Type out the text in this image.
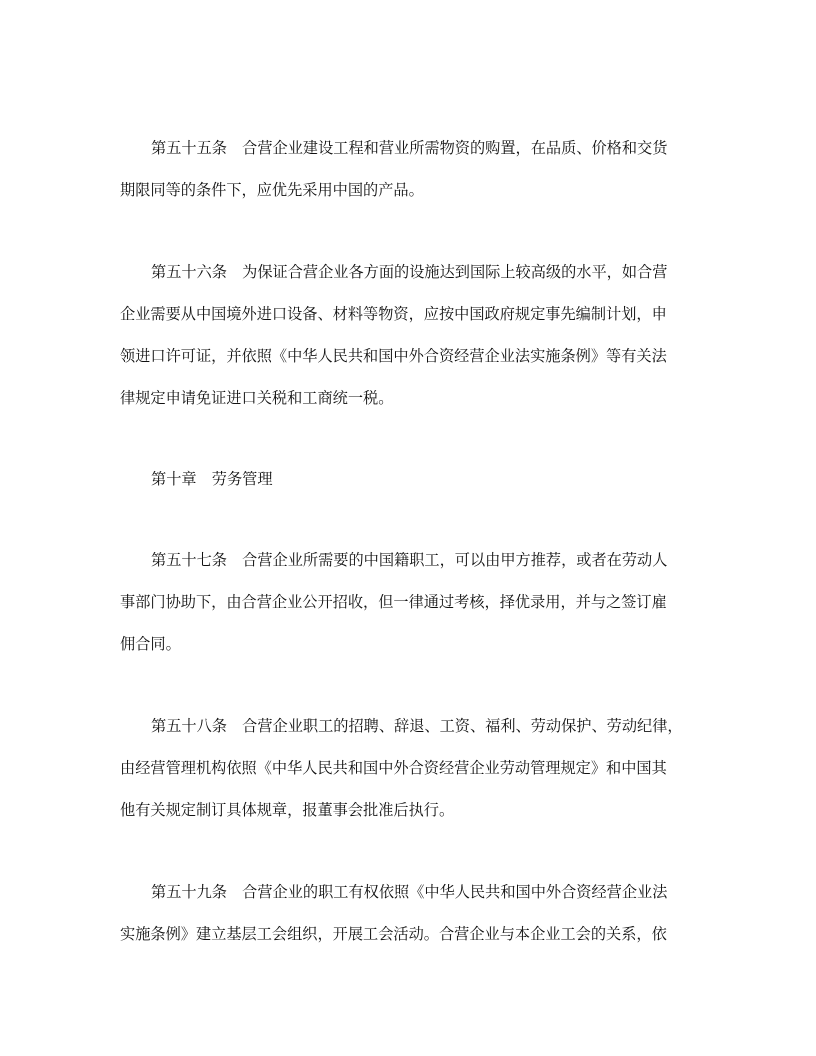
第五十五条　合营企业建设工程和营业所需物资的购置，在品质、价格和交货
期限同等的条件下，应优先采用中国的产品。
第五十六条　为保证合营企业各方面的设施达到国际上较高级的水平，如合营
企业需要从中国境外进口设备、材料等物资，应按中国政府规定事先编制计划，申
领进口许可证，并依照《中华人民共和国中外合资经营企业法实施条例》等有关法
律规定申请免证进口关税和工商统一税。
第十章　劳务管理
第五十七条　合营企业所需要的中国籍职工，可以由甲方推荐，或者在劳动人
事部门协助下，由合营企业公开招收，但一律通过考核，择优录用，并与之签订雇
佣合同。
第五十八条　合营企业职工的招聘、辞退、工资、福利、劳动保护、劳动纪律，
由经营管理机构依照《中华人民共和国中外合资经营企业劳动管理规定》和中国其
他有关规定制订具体规章，报董事会批准后执行。
第五十九条　合营企业的职工有权依照《中华人民共和国中外合资经营企业法
实施条例》建立基层工会组织，开展工会活动。合营企业与本企业工会的关系，依
